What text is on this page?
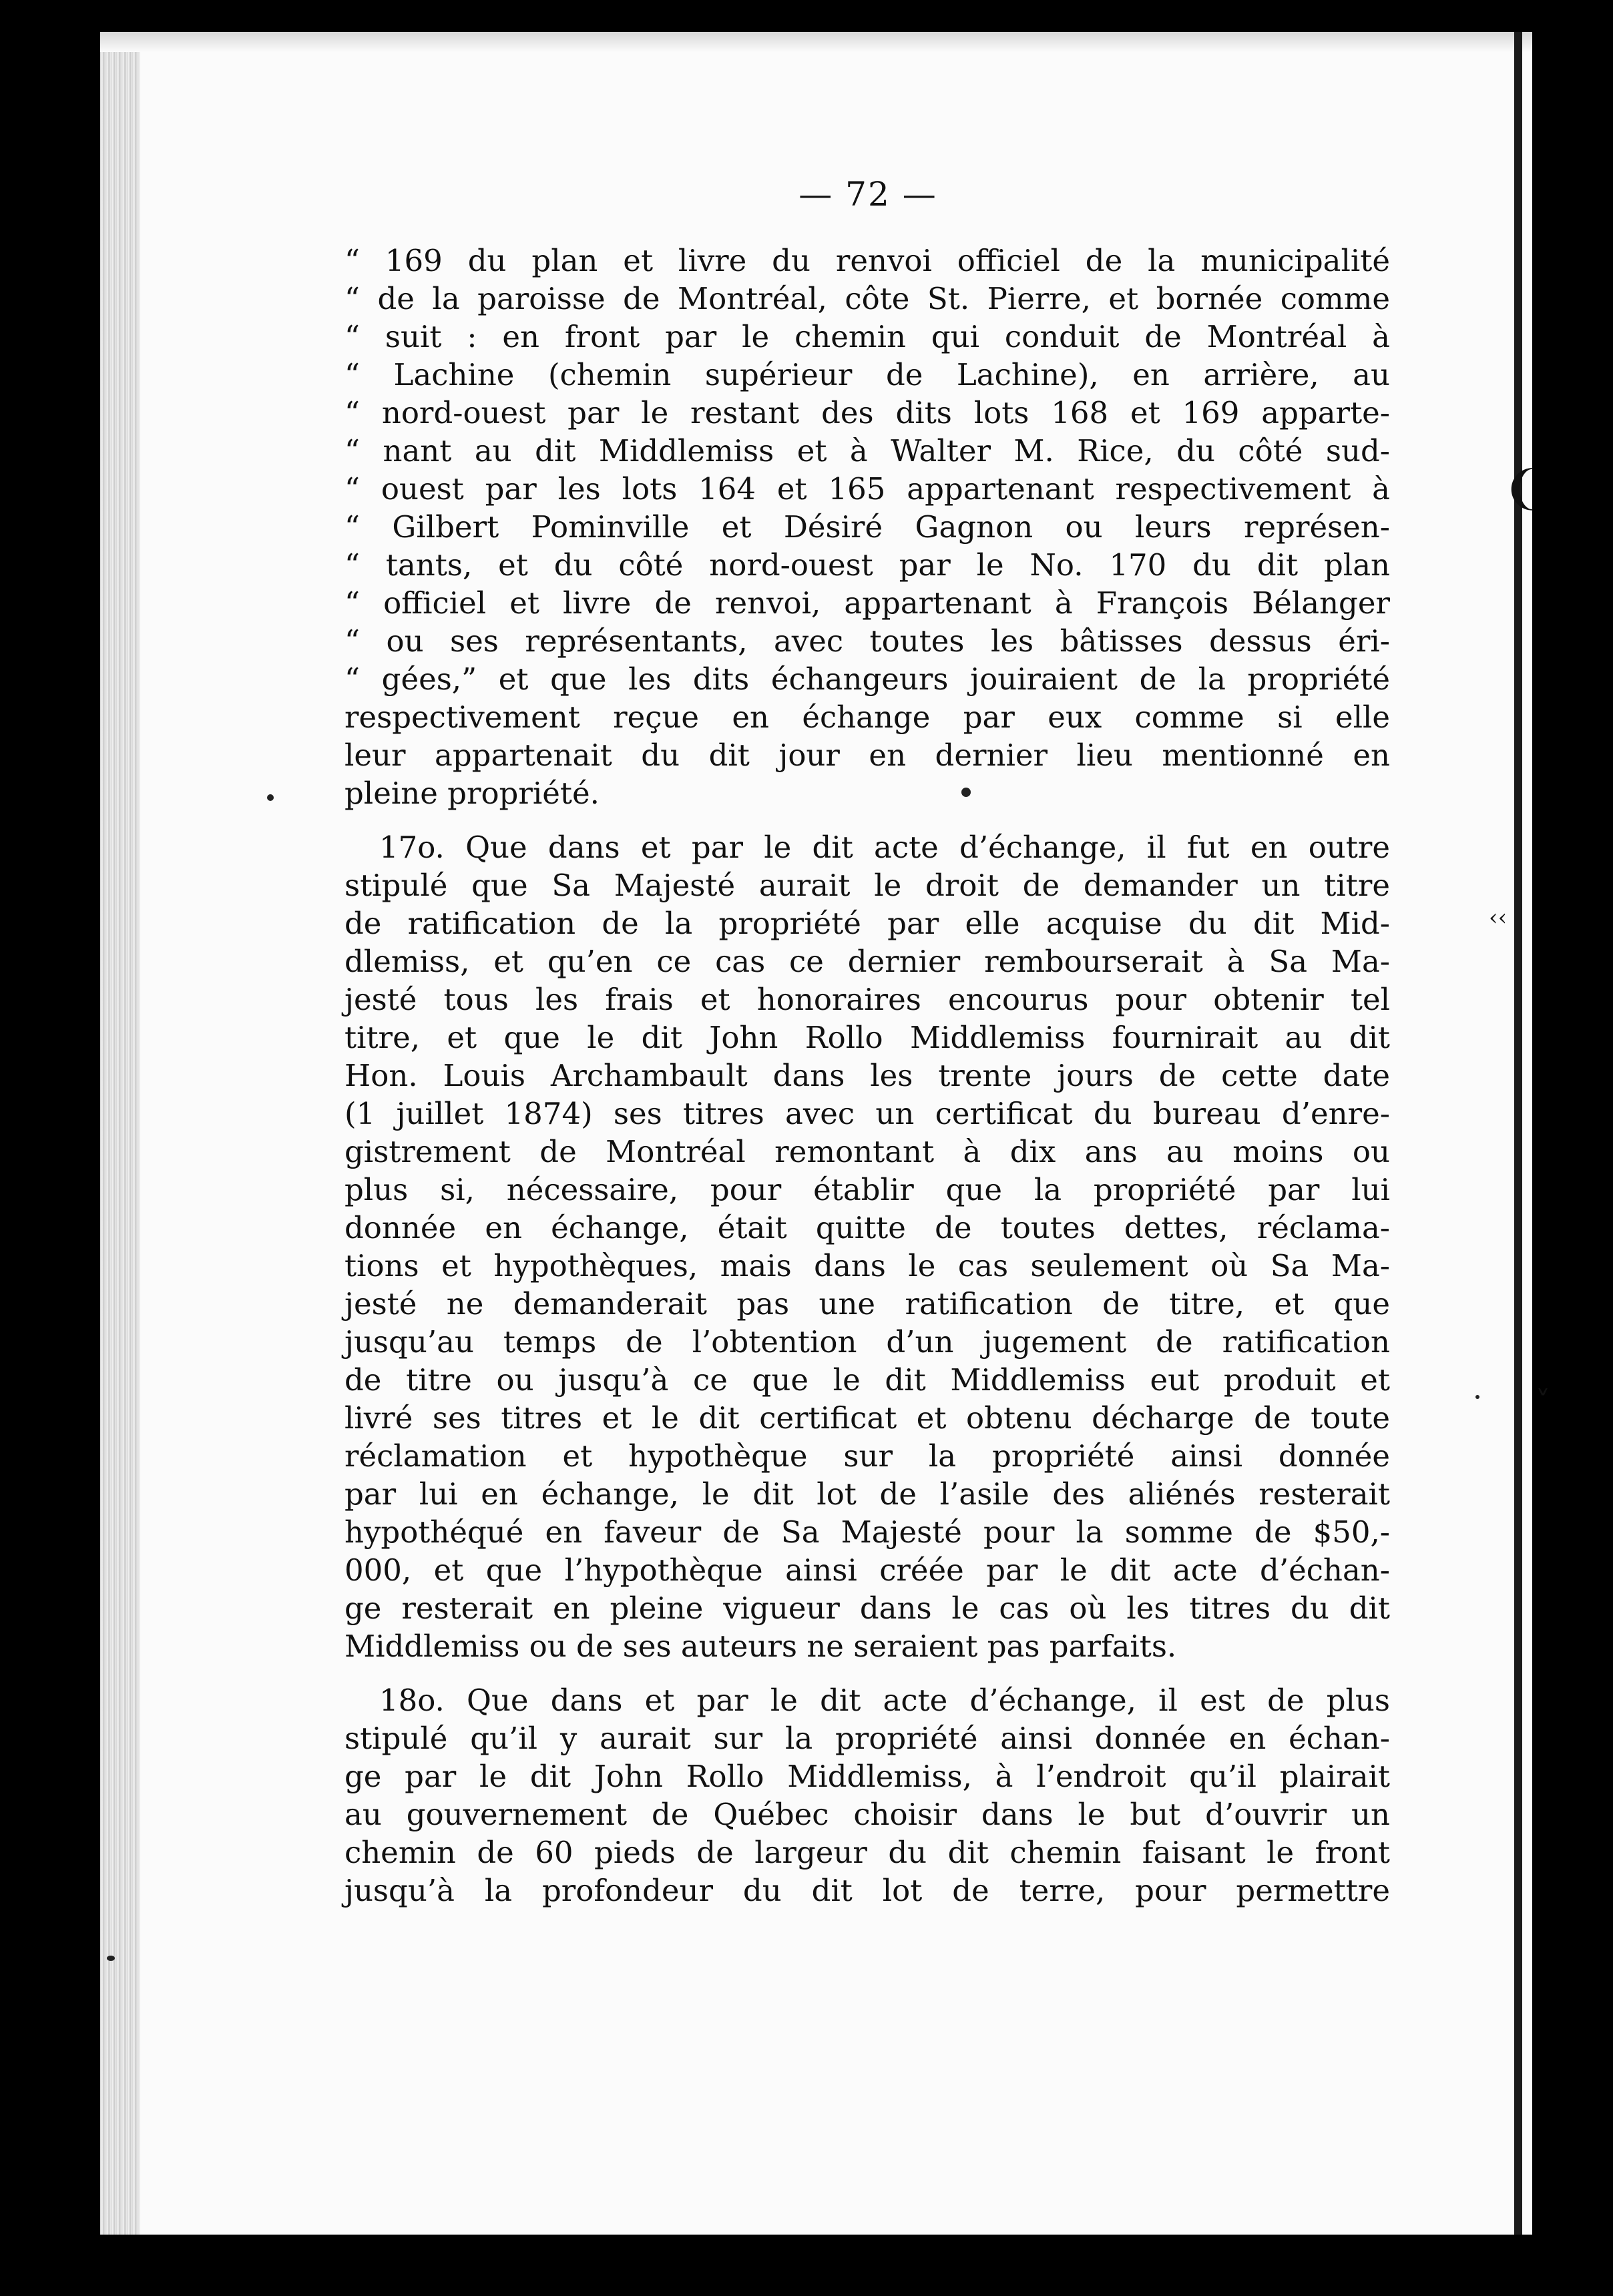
— 72 —
“ 169 du plan et livre du renvoi officiel de la municipalité
“ de la paroisse de Montréal, côte St. Pierre, et bornée comme
“ suit : en front par le chemin qui conduit de Montréal à
“ Lachine (chemin supérieur de Lachine), en arrière, au
“ nord-ouest par le restant des dits lots 168 et 169 apparte-
“ nant au dit Middlemiss et à Walter M. Rice, du côté sud-
“ ouest par les lots 164 et 165 appartenant respectivement à
“ Gilbert Pominville et Désiré Gagnon ou leurs représen-
“ tants, et du côté nord-ouest par le No. 170 du dit plan
“ officiel et livre de renvoi, appartenant à François Bélanger
“ ou ses représentants, avec toutes les bâtisses dessus éri-
“ gées,” et que les dits échangeurs jouiraient de la propriété
respectivement reçue en échange par eux comme si elle
leur appartenait du dit jour en dernier lieu mentionné en
pleine propriété.
17o. Que dans et par le dit acte d’échange, il fut en outre
stipulé que Sa Majesté aurait le droit de demander un titre
de ratification de la propriété par elle acquise du dit Mid-
dlemiss, et qu’en ce cas ce dernier rembourserait à Sa Ma-
jesté tous les frais et honoraires encourus pour obtenir tel
titre, et que le dit John Rollo Middlemiss fournirait au dit
Hon. Louis Archambault dans les trente jours de cette date
(1 juillet 1874) ses titres avec un certificat du bureau d’enre-
gistrement de Montréal remontant à dix ans au moins ou
plus si, nécessaire, pour établir que la propriété par lui
donnée en échange, était quitte de toutes dettes, réclama-
tions et hypothèques, mais dans le cas seulement où Sa Ma-
jesté ne demanderait pas une ratification de titre, et que
jusqu’au temps de l’obtention d’un jugement de ratification
de titre ou jusqu’à ce que le dit Middlemiss eut produit et
livré ses titres et le dit certificat et obtenu décharge de toute
réclamation et hypothèque sur la propriété ainsi donnée
par lui en échange, le dit lot de l’asile des aliénés resterait
hypothéqué en faveur de Sa Majesté pour la somme de $50,-
000, et que l’hypothèque ainsi créée par le dit acte d’échan-
ge resterait en pleine vigueur dans le cas où les titres du dit
Middlemiss ou de ses auteurs ne seraient pas parfaits.
18o. Que dans et par le dit acte d’échange, il est de plus
stipulé qu’il y aurait sur la propriété ainsi donnée en échan-
ge par le dit John Rollo Middlemiss, à l’endroit qu’il plairait
au gouvernement de Québec choisir dans le but d’ouvrir un
chemin de 60 pieds de largeur du dit chemin faisant le front
jusqu’à la profondeur du dit lot de terre, pour permettre
❨
‹‹
˅
